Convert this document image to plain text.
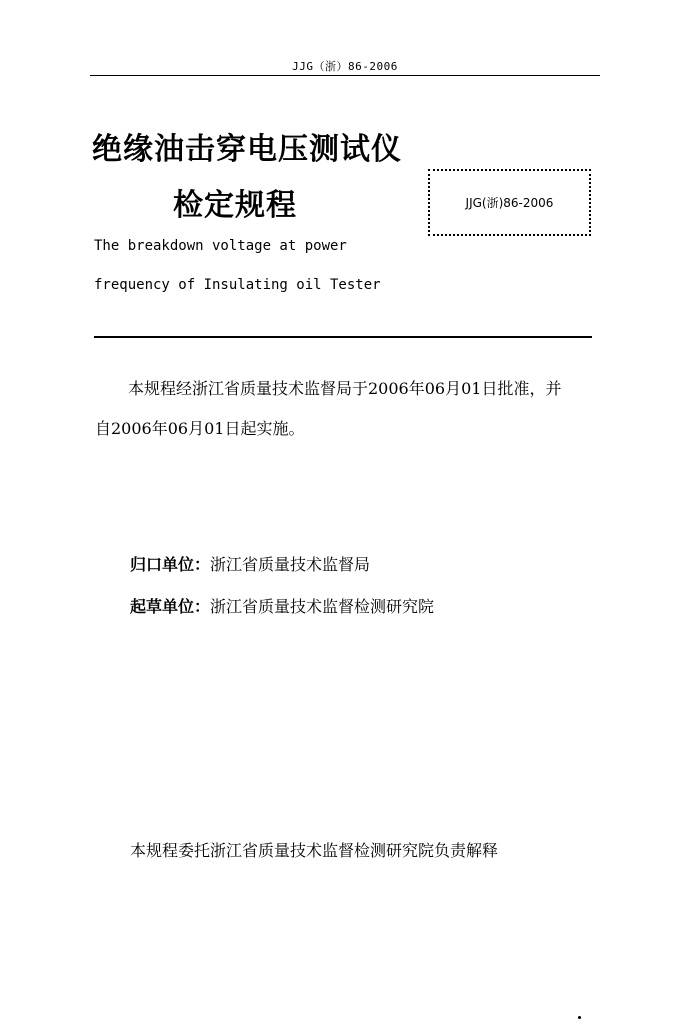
JJG（浙）86-2006
绝缘油击穿电压测试仪
检定规程	JJG(浙)86-2006
The breakdown voltage at power
frequency of Insulating oil Tester
本规程经浙江省质量技术监督局于2006年06月01日批准，并
自2006年06月01日起实施。
归口单位：浙江省质量技术监督局
起草单位：浙江省质量技术监督检测研究院
本规程委托浙江省质量技术监督检测研究院负责解释
